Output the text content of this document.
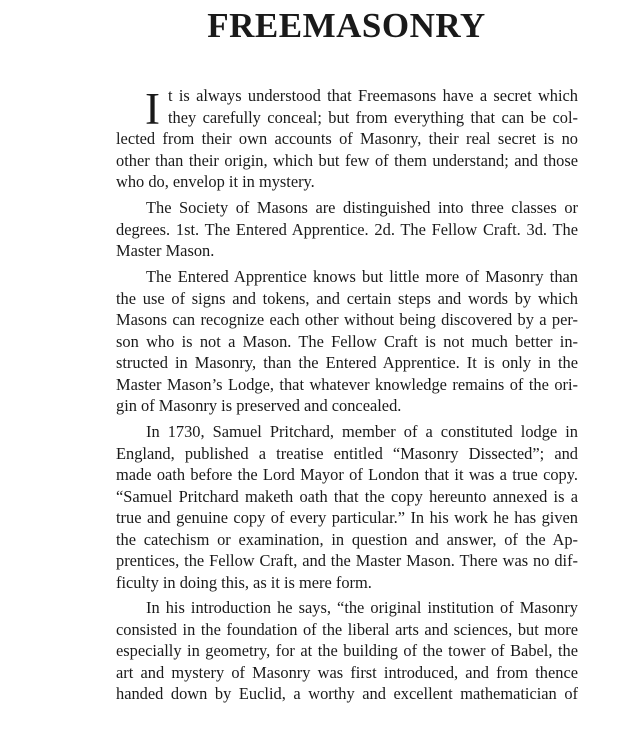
FREEMASONRY
I t is always understood that Freemasons have a secret which
they carefully conceal; but from everything that can be col-
lected from their own accounts of Masonry, their real secret is no
other than their origin, which but few of them understand; and those
who do, envelop it in mystery.
The Society of Masons are distinguished into three classes or
degrees. 1st. The Entered Apprentice. 2d. The Fellow Craft. 3d. The
Master Mason.
The Entered Apprentice knows but little more of Masonry than
the use of signs and tokens, and certain steps and words by which
Masons can recognize each other without being discovered by a per-
son who is not a Mason. The Fellow Craft is not much better in-
structed in Masonry, than the Entered Apprentice. It is only in the
Master Mason’s Lodge, that whatever knowledge remains of the ori-
gin of Masonry is preserved and concealed.
In 1730, Samuel Pritchard, member of a constituted lodge in
England, published a treatise entitled “Masonry Dissected”; and
made oath before the Lord Mayor of London that it was a true copy.
“Samuel Pritchard maketh oath that the copy hereunto annexed is a
true and genuine copy of every particular.” In his work he has given
the catechism or examination, in question and answer, of the Ap-
prentices, the Fellow Craft, and the Master Mason. There was no dif-
ficulty in doing this, as it is mere form.
In his introduction he says, “the original institution of Masonry
consisted in the foundation of the liberal arts and sciences, but more
especially in geometry, for at the building of the tower of Babel, the
art and mystery of Masonry was first introduced, and from thence
handed down by Euclid, a worthy and excellent mathematician of
